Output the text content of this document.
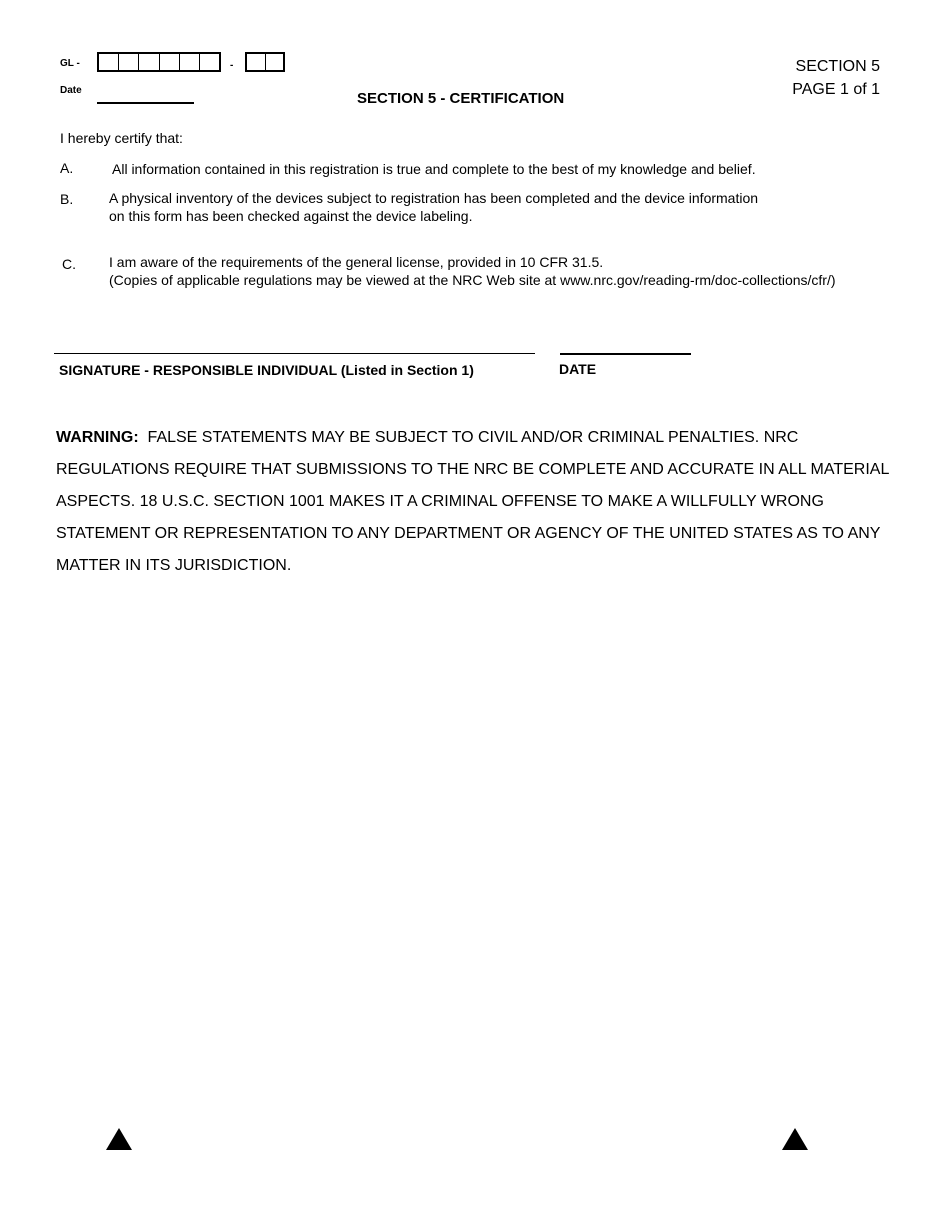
GL -	-
Date	SECTION 5 - CERTIFICATION
SECTION 5
PAGE 1 of 1
I hereby certify that:
A.	All information contained in this registration is true and complete to the best of my knowledge and belief.
B.	A physical inventory of the devices subject to registration has been completed and the device information
on this form has been checked against the device labeling.
C. I am aware of the requirements of the general license, provided in 10 CFR 31.5.
(Copies of applicable regulations may be viewed at the NRC Web site at www.nrc.gov/reading-rm/doc-collections/cfr/)
SIGNATURE - RESPONSIBLE INDIVIDUAL (Listed in Section 1)	DATE
WARNING: FALSE STATEMENTS MAY BE SUBJECT TO CIVIL AND/OR CRIMINAL PENALTIES. NRC REGULATIONS REQUIRE THAT SUBMISSIONS TO THE NRC BE COMPLETE AND ACCURATE IN ALL MATERIAL ASPECTS. 18 U.S.C. SECTION 1001 MAKES IT A CRIMINAL OFFENSE TO MAKE A WILLFULLY WRONG STATEMENT OR REPRESENTATION TO ANY DEPARTMENT OR AGENCY OF THE UNITED STATES AS TO ANY MATTER IN ITS JURISDICTION.
